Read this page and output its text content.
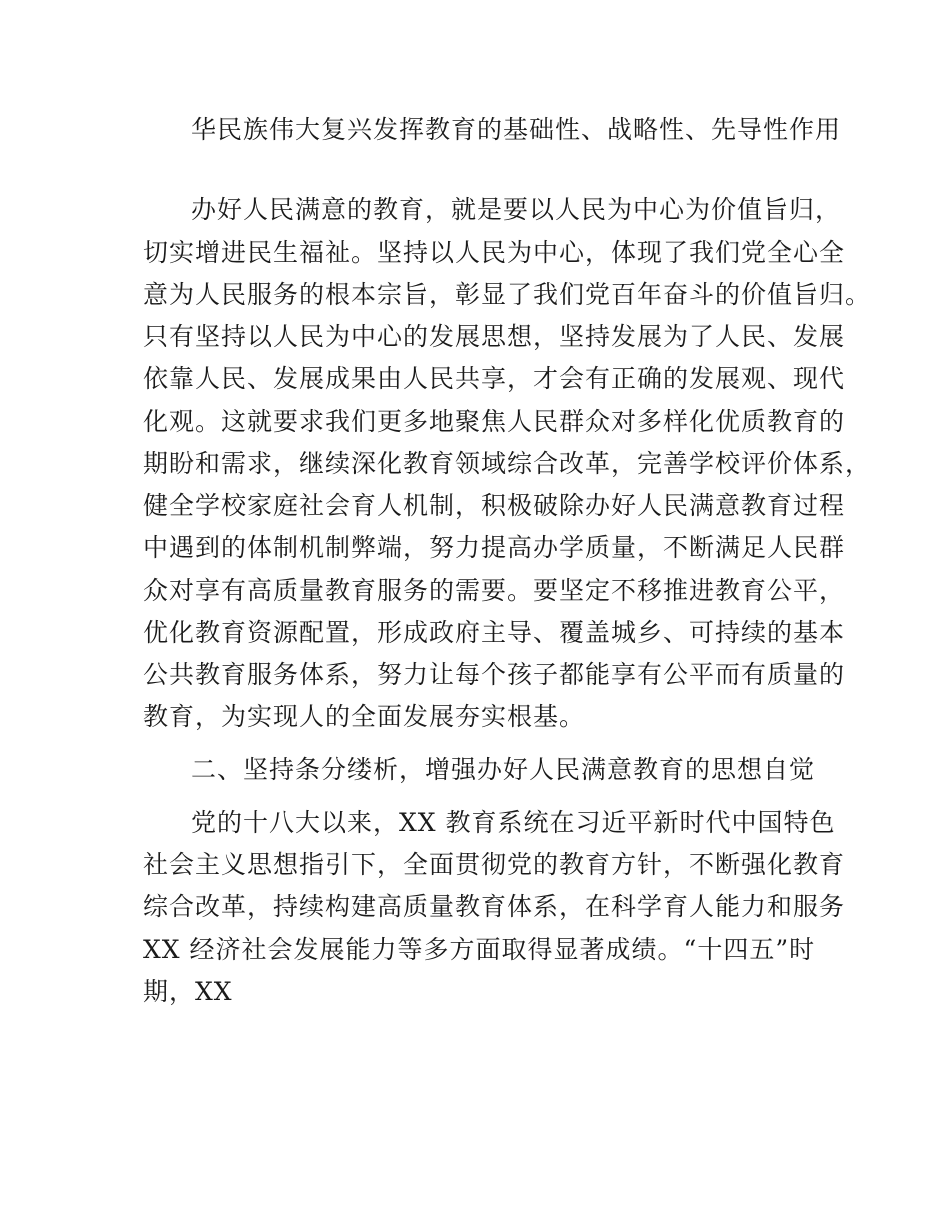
华民族伟大复兴发挥教育的基础性、战略性、先导性作用
办好人民满意的教育，就是要以人民为中心为价值旨归，
切实增进民生福祉。坚持以人民为中心，体现了我们党全心全
意为人民服务的根本宗旨，彰显了我们党百年奋斗的价值旨归。
只有坚持以人民为中心的发展思想，坚持发展为了人民、发展
依靠人民、发展成果由人民共享，才会有正确的发展观、现代
化观。这就要求我们更多地聚焦人民群众对多样化优质教育的
期盼和需求，继续深化教育领域综合改革，完善学校评价体系，
健全学校家庭社会育人机制，积极破除办好人民满意教育过程
中遇到的体制机制弊端，努力提高办学质量，不断满足人民群
众对享有高质量教育服务的需要。要坚定不移推进教育公平，
优化教育资源配置，形成政府主导、覆盖城乡、可持续的基本
公共教育服务体系，努力让每个孩子都能享有公平而有质量的
教育，为实现人的全面发展夯实根基。
二、坚持条分缕析，增强办好人民满意教育的思想自觉
党的十八大以来，XX 教育系统在习近平新时代中国特色
社会主义思想指引下，全面贯彻党的教育方针，不断强化教育
综合改革，持续构建高质量教育体系，在科学育人能力和服务
XX 经济社会发展能力等多方面取得显著成绩。“十四五”时
期，XX
